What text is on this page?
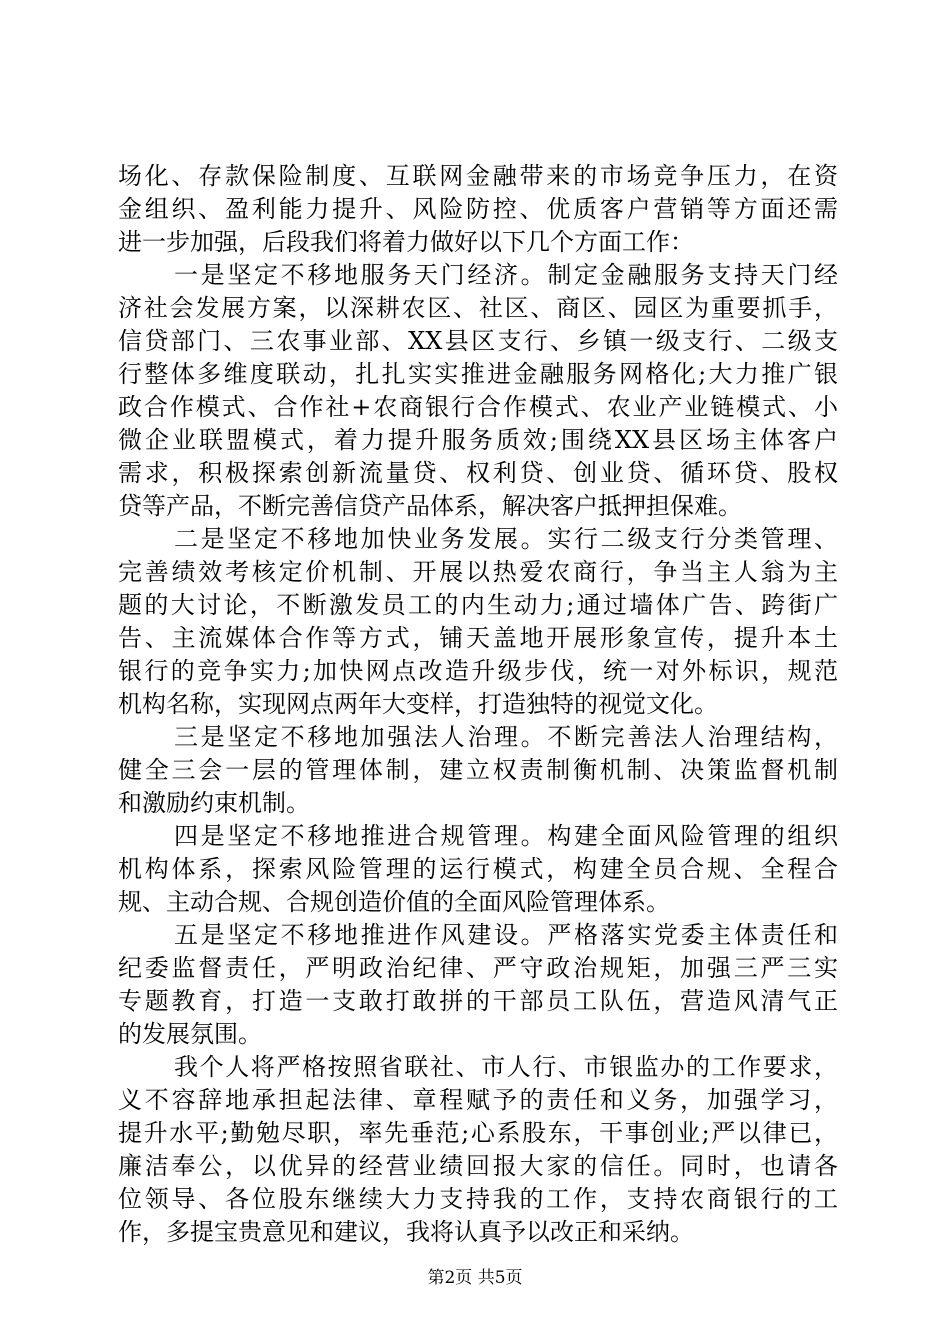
场化、存款保险制度、互联网金融带来的市场竞争压力，在资
金组织、盈利能力提升、风险防控、优质客户营销等方面还需
进一步加强，后段我们将着力做好以下几个方面工作：
一是坚定不移地服务天门经济。制定金融服务支持天门经
济社会发展方案，以深耕农区、社区、商区、园区为重要抓手，
信贷部门、三农事业部、XX县区支行、乡镇一级支行、二级支
行整体多维度联动，扎扎实实推进金融服务网格化;大力推广银
政合作模式、合作社+农商银行合作模式、农业产业链模式、小
微企业联盟模式，着力提升服务质效;围绕XX县区场主体客户
需求，积极探索创新流量贷、权利贷、创业贷、循环贷、股权
贷等产品，不断完善信贷产品体系，解决客户抵押担保难。
二是坚定不移地加快业务发展。实行二级支行分类管理、
完善绩效考核定价机制、开展以热爱农商行，争当主人翁为主
题的大讨论，不断激发员工的内生动力;通过墙体广告、跨街广
告、主流媒体合作等方式，铺天盖地开展形象宣传，提升本土
银行的竞争实力;加快网点改造升级步伐，统一对外标识，规范
机构名称，实现网点两年大变样，打造独特的视觉文化。
三是坚定不移地加强法人治理。不断完善法人治理结构，
健全三会一层的管理体制，建立权责制衡机制、决策监督机制
和激励约束机制。
四是坚定不移地推进合规管理。构建全面风险管理的组织
机构体系，探索风险管理的运行模式，构建全员合规、全程合
规、主动合规、合规创造价值的全面风险管理体系。
五是坚定不移地推进作风建设。严格落实党委主体责任和
纪委监督责任，严明政治纪律、严守政治规矩，加强三严三实
专题教育，打造一支敢打敢拼的干部员工队伍，营造风清气正
的发展氛围。
我个人将严格按照省联社、市人行、市银监办的工作要求，
义不容辞地承担起法律、章程赋予的责任和义务，加强学习，
提升水平;勤勉尽职，率先垂范;心系股东，干事创业;严以律已，
廉洁奉公，以优异的经营业绩回报大家的信任。同时，也请各
位领导、各位股东继续大力支持我的工作，支持农商银行的工
作，多提宝贵意见和建议，我将认真予以改正和采纳。
第2页 共5页
